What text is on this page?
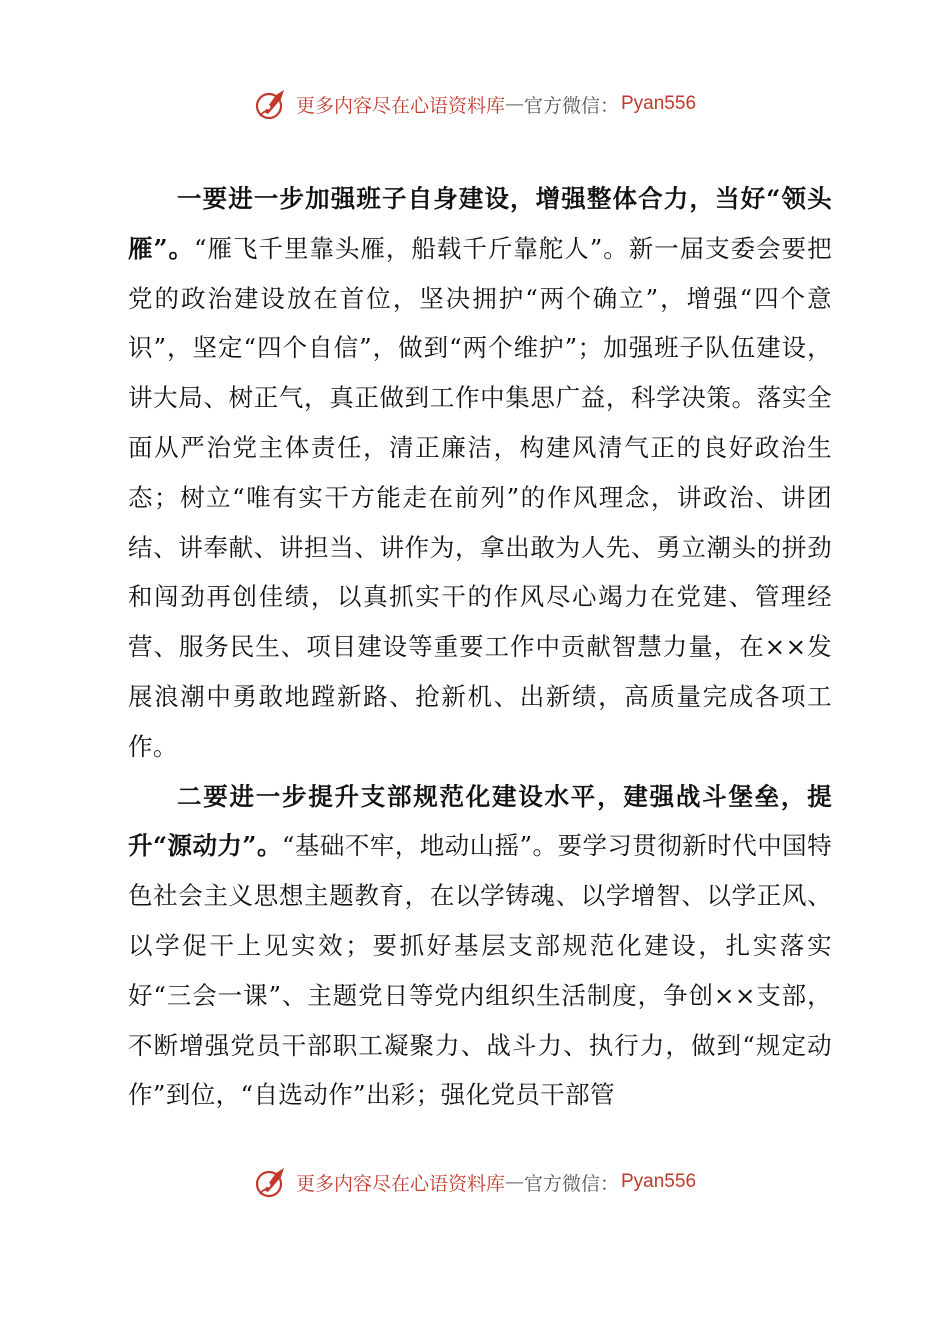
更多内容尽在心语资料库 — 官方微信： Pyan556

一要进一步加强班子自身建设，增强整体合力，当好“领头雁”。“雁飞千里靠头雁，船载千斤靠舵人”。新一届支委会要把党的政治建设放在首位，坚决拥护“两个确立”，增强“四个意识”，坚定“四个自信”，做到“两个维护”；加强班子队伍建设，讲大局、树正气，真正做到工作中集思广益，科学决策。落实全面从严治党主体责任，清正廉洁，构建风清气正的良好政治生态；树立“唯有实干方能走在前列”的作风理念，讲政治、讲团结、讲奉献、讲担当、讲作为，拿出敢为人先、勇立潮头的拼劲和闯劲再创佳绩，以真抓实干的作风尽心竭力在党建、管理经营、服务民生、项目建设等重要工作中贡献智慧力量，在××发展浪潮中勇敢地蹚新路、抢新机、出新绩，高质量完成各项工作。

二要进一步提升支部规范化建设水平，建强战斗堡垒，提升“源动力”。“基础不牢，地动山摇”。要学习贯彻新时代中国特色社会主义思想主题教育，在以学铸魂、以学增智、以学正风、以学促干上见实效；要抓好基层支部规范化建设，扎实落实好“三会一课”、主题党日等党内组织生活制度，争创××支部，不断增强党员干部职工凝聚力、战斗力、执行力，做到“规定动作”到位，“自选动作”出彩；强化党员干部管

更多内容尽在心语资料库 — 官方微信： Pyan556
